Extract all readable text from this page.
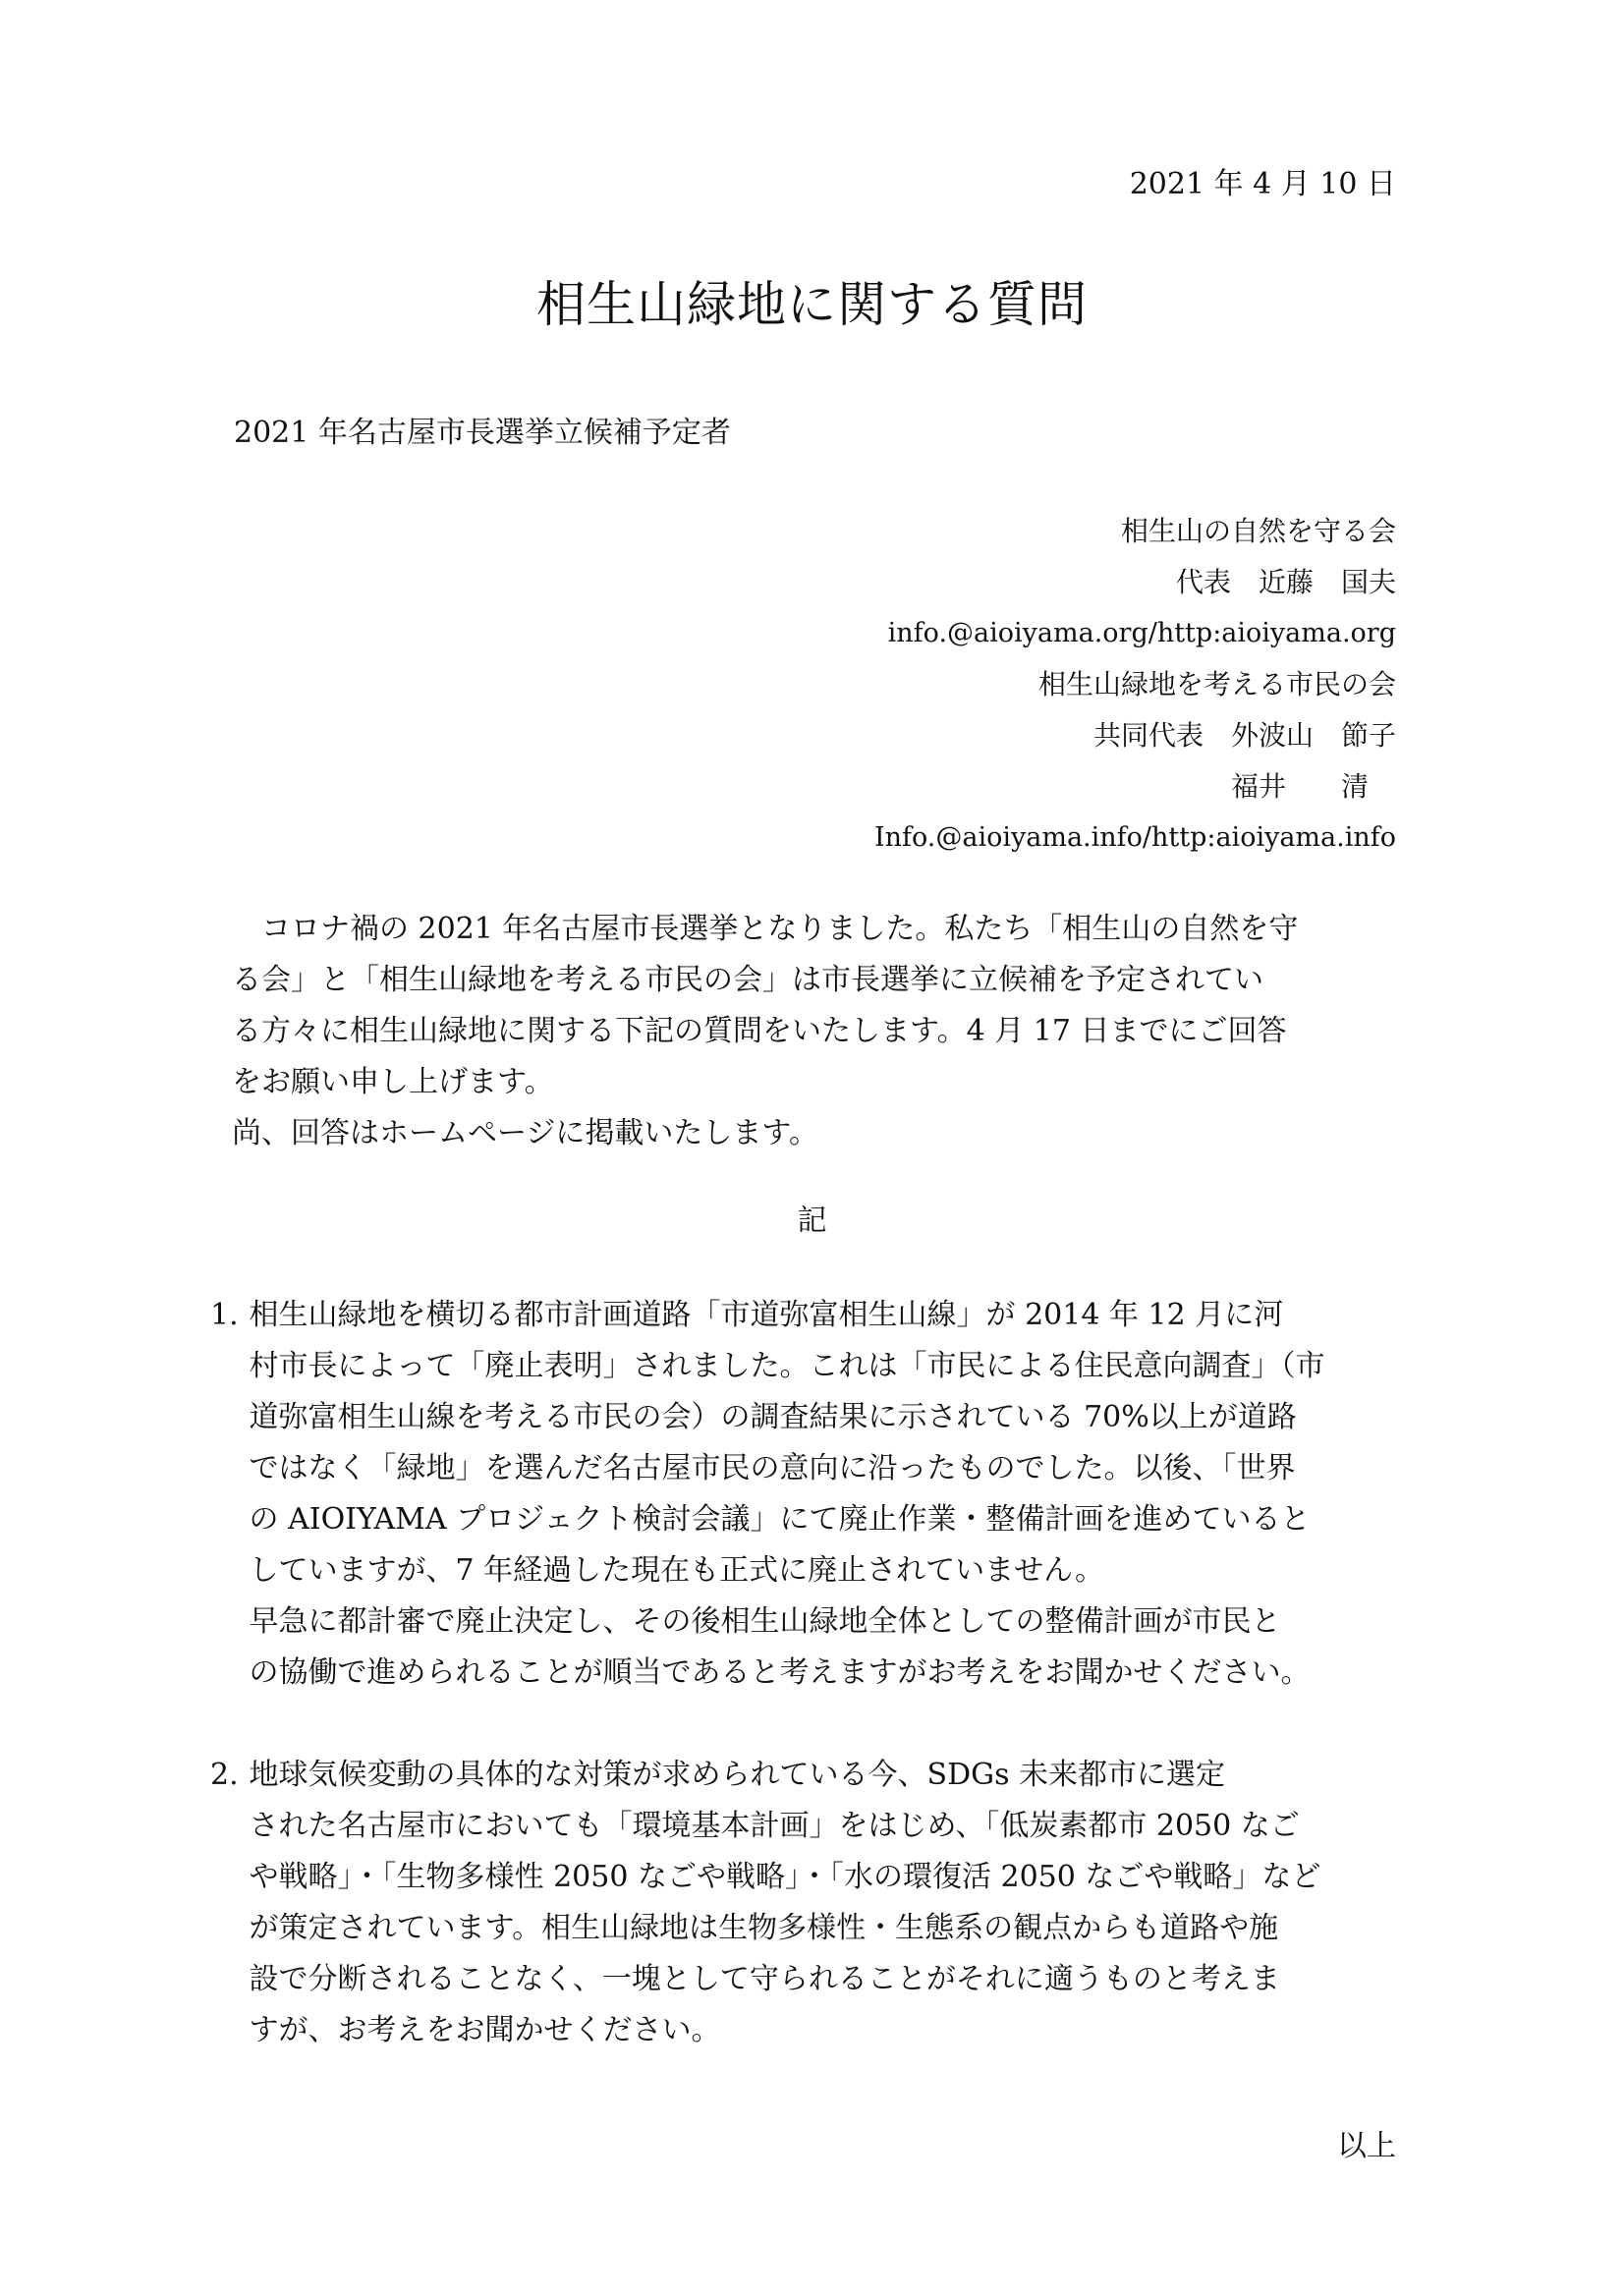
2021 年 4 月 10 日
相生山緑地に関する質問
2021 年名古屋市長選挙立候補予定者
相生山の自然を守る会
代表　近藤　国夫
info.@aioiyama.org/http:aioiyama.org
相生山緑地を考える市民の会
共同代表　外波山　節子
福井　　清　
Info.@aioiyama.info/http:aioiyama.info
　コロナ禍の 2021 年名古屋市長選挙となりました。私たち「相生山の自然を守
る会」と「相生山緑地を考える市民の会」は市長選挙に立候補を予定されてい
る方々に相生山緑地に関する下記の質問をいたします。4 月 17 日までにご回答
をお願い申し上げます。
尚、回答はホームページに掲載いたします。
記
1. 相生山緑地を横切る都市計画道路「市道弥富相生山線」が 2014 年 12 月に河
村市長によって「廃止表明」されました。これは「市民による住民意向調査」（市
道弥富相生山線を考える市民の会）の調査結果に示されている 70%以上が道路
ではなく「緑地」を選んだ名古屋市民の意向に沿ったものでした。以後、「世界
の AIOIYAMA プロジェクト検討会議」にて廃止作業・整備計画を進めていると
していますが、7 年経過した現在も正式に廃止されていません。
早急に都計審で廃止決定し、その後相生山緑地全体としての整備計画が市民と
の協働で進められることが順当であると考えますがお考えをお聞かせください。
2. 地球気候変動の具体的な対策が求められている今、SDGs 未来都市に選定
された名古屋市においても「環境基本計画」をはじめ、「低炭素都市 2050 なご
や戦略」・「生物多様性 2050 なごや戦略」・「水の環復活 2050 なごや戦略」など
が策定されています。相生山緑地は生物多様性・生態系の観点からも道路や施
設で分断されることなく、一塊として守られることがそれに適うものと考えま
すが、お考えをお聞かせください。
以上
